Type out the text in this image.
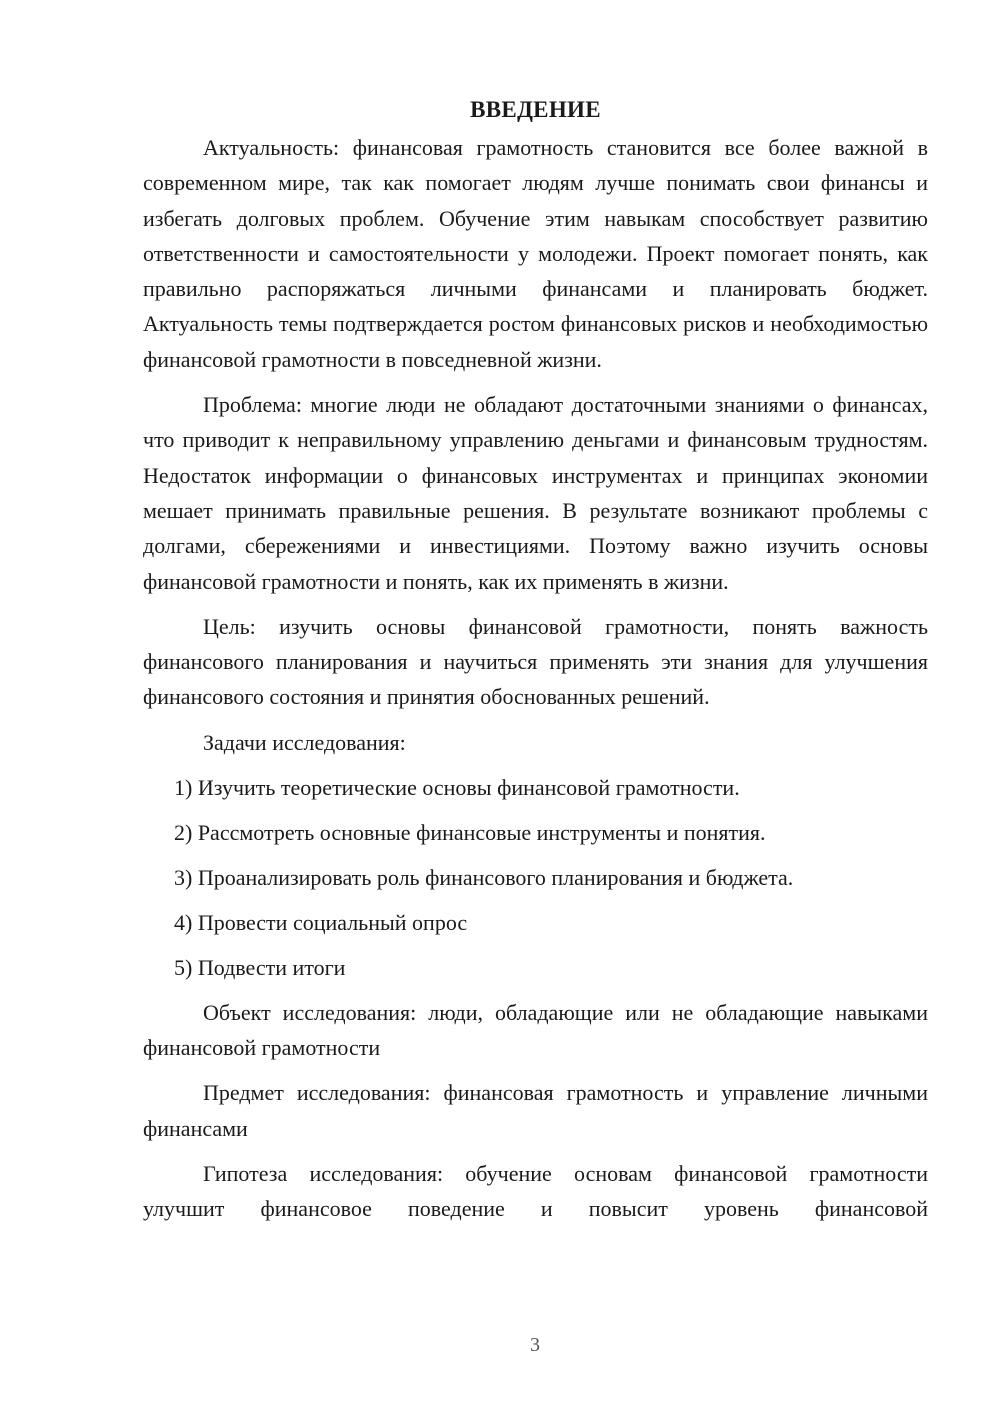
ВВЕДЕНИЕ

Актуальность: финансовая грамотность становится все более важной в современном мире, так как помогает людям лучше понимать свои финансы и избегать долговых проблем. Обучение этим навыкам способствует развитию ответственности и самостоятельности у молодежи. Проект помогает понять, как правильно распоряжаться личными финансами и планировать бюджет. Актуальность темы подтверждается ростом финансовых рисков и необходимостью финансовой грамотности в повседневной жизни.

Проблема: многие люди не обладают достаточными знаниями о финансах, что приводит к неправильному управлению деньгами и финансовым трудностям. Недостаток информации о финансовых инструментах и принципах экономии мешает принимать правильные решения. В результате возникают проблемы с долгами, сбережениями и инвестициями. Поэтому важно изучить основы финансовой грамотности и понять, как их применять в жизни.

Цель: изучить основы финансовой грамотности, понять важность финансового планирования и научиться применять эти знания для улучшения финансового состояния и принятия обоснованных решений.

Задачи исследования:
1) Изучить теоретические основы финансовой грамотности.
2) Рассмотреть основные финансовые инструменты и понятия.
3) Проанализировать роль финансового планирования и бюджета.
4) Провести социальный опрос
5) Подвести итоги

Объект исследования: люди, обладающие или не обладающие навыками финансовой грамотности

Предмет исследования: финансовая грамотность и управление личными финансами

Гипотеза исследования: обучение основам финансовой грамотности улучшит финансовое поведение и повысит уровень финансовой

3
